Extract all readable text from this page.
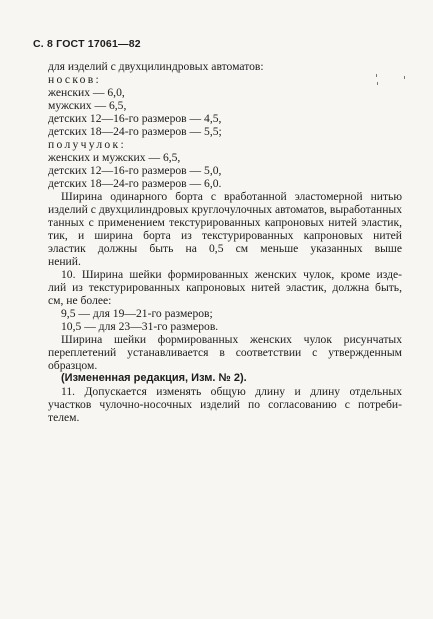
С. 8 ГОСТ 17061—82
для изделий с двухцилиндровых автоматов:
носков:
женских — 6,0,
мужских — 6,5,
детских 12—16-го размеров — 4,5,
детских 18—24-го размеров — 5,5;
получулок:
женских и мужских — 6,5,
детских 12—16-го размеров — 5,0,
детских 18—24-го размеров — 6,0.
Ширина одинарного борта с вработанной эластомерной нитью
изделий с двухцилиндровых круглочулочных автоматов, выработанных
танных с применением текстурированных капроновых нитей эластик,
тик, и ширина борта из текстурированных капроновых нитей
эластик должны быть на 0,5 см меньше указанных выше
нений.
10. Ширина шейки формированных женских чулок, кроме изде-
лий из текстурированных капроновых нитей эластик, должна быть,
см, не более:
9,5 — для 19—21-го размеров;
10,5 — для 23—31-го размеров.
Ширина шейки формированных женских чулок рисунчатых
переплетений устанавливается в соответствии с утвержденным
образцом.
(Измененная редакция, Изм. № 2).
11. Допускается изменять общую длину и длину отдельных
участков чулочно-носочных изделий по согласованию с потреби-
телем.
